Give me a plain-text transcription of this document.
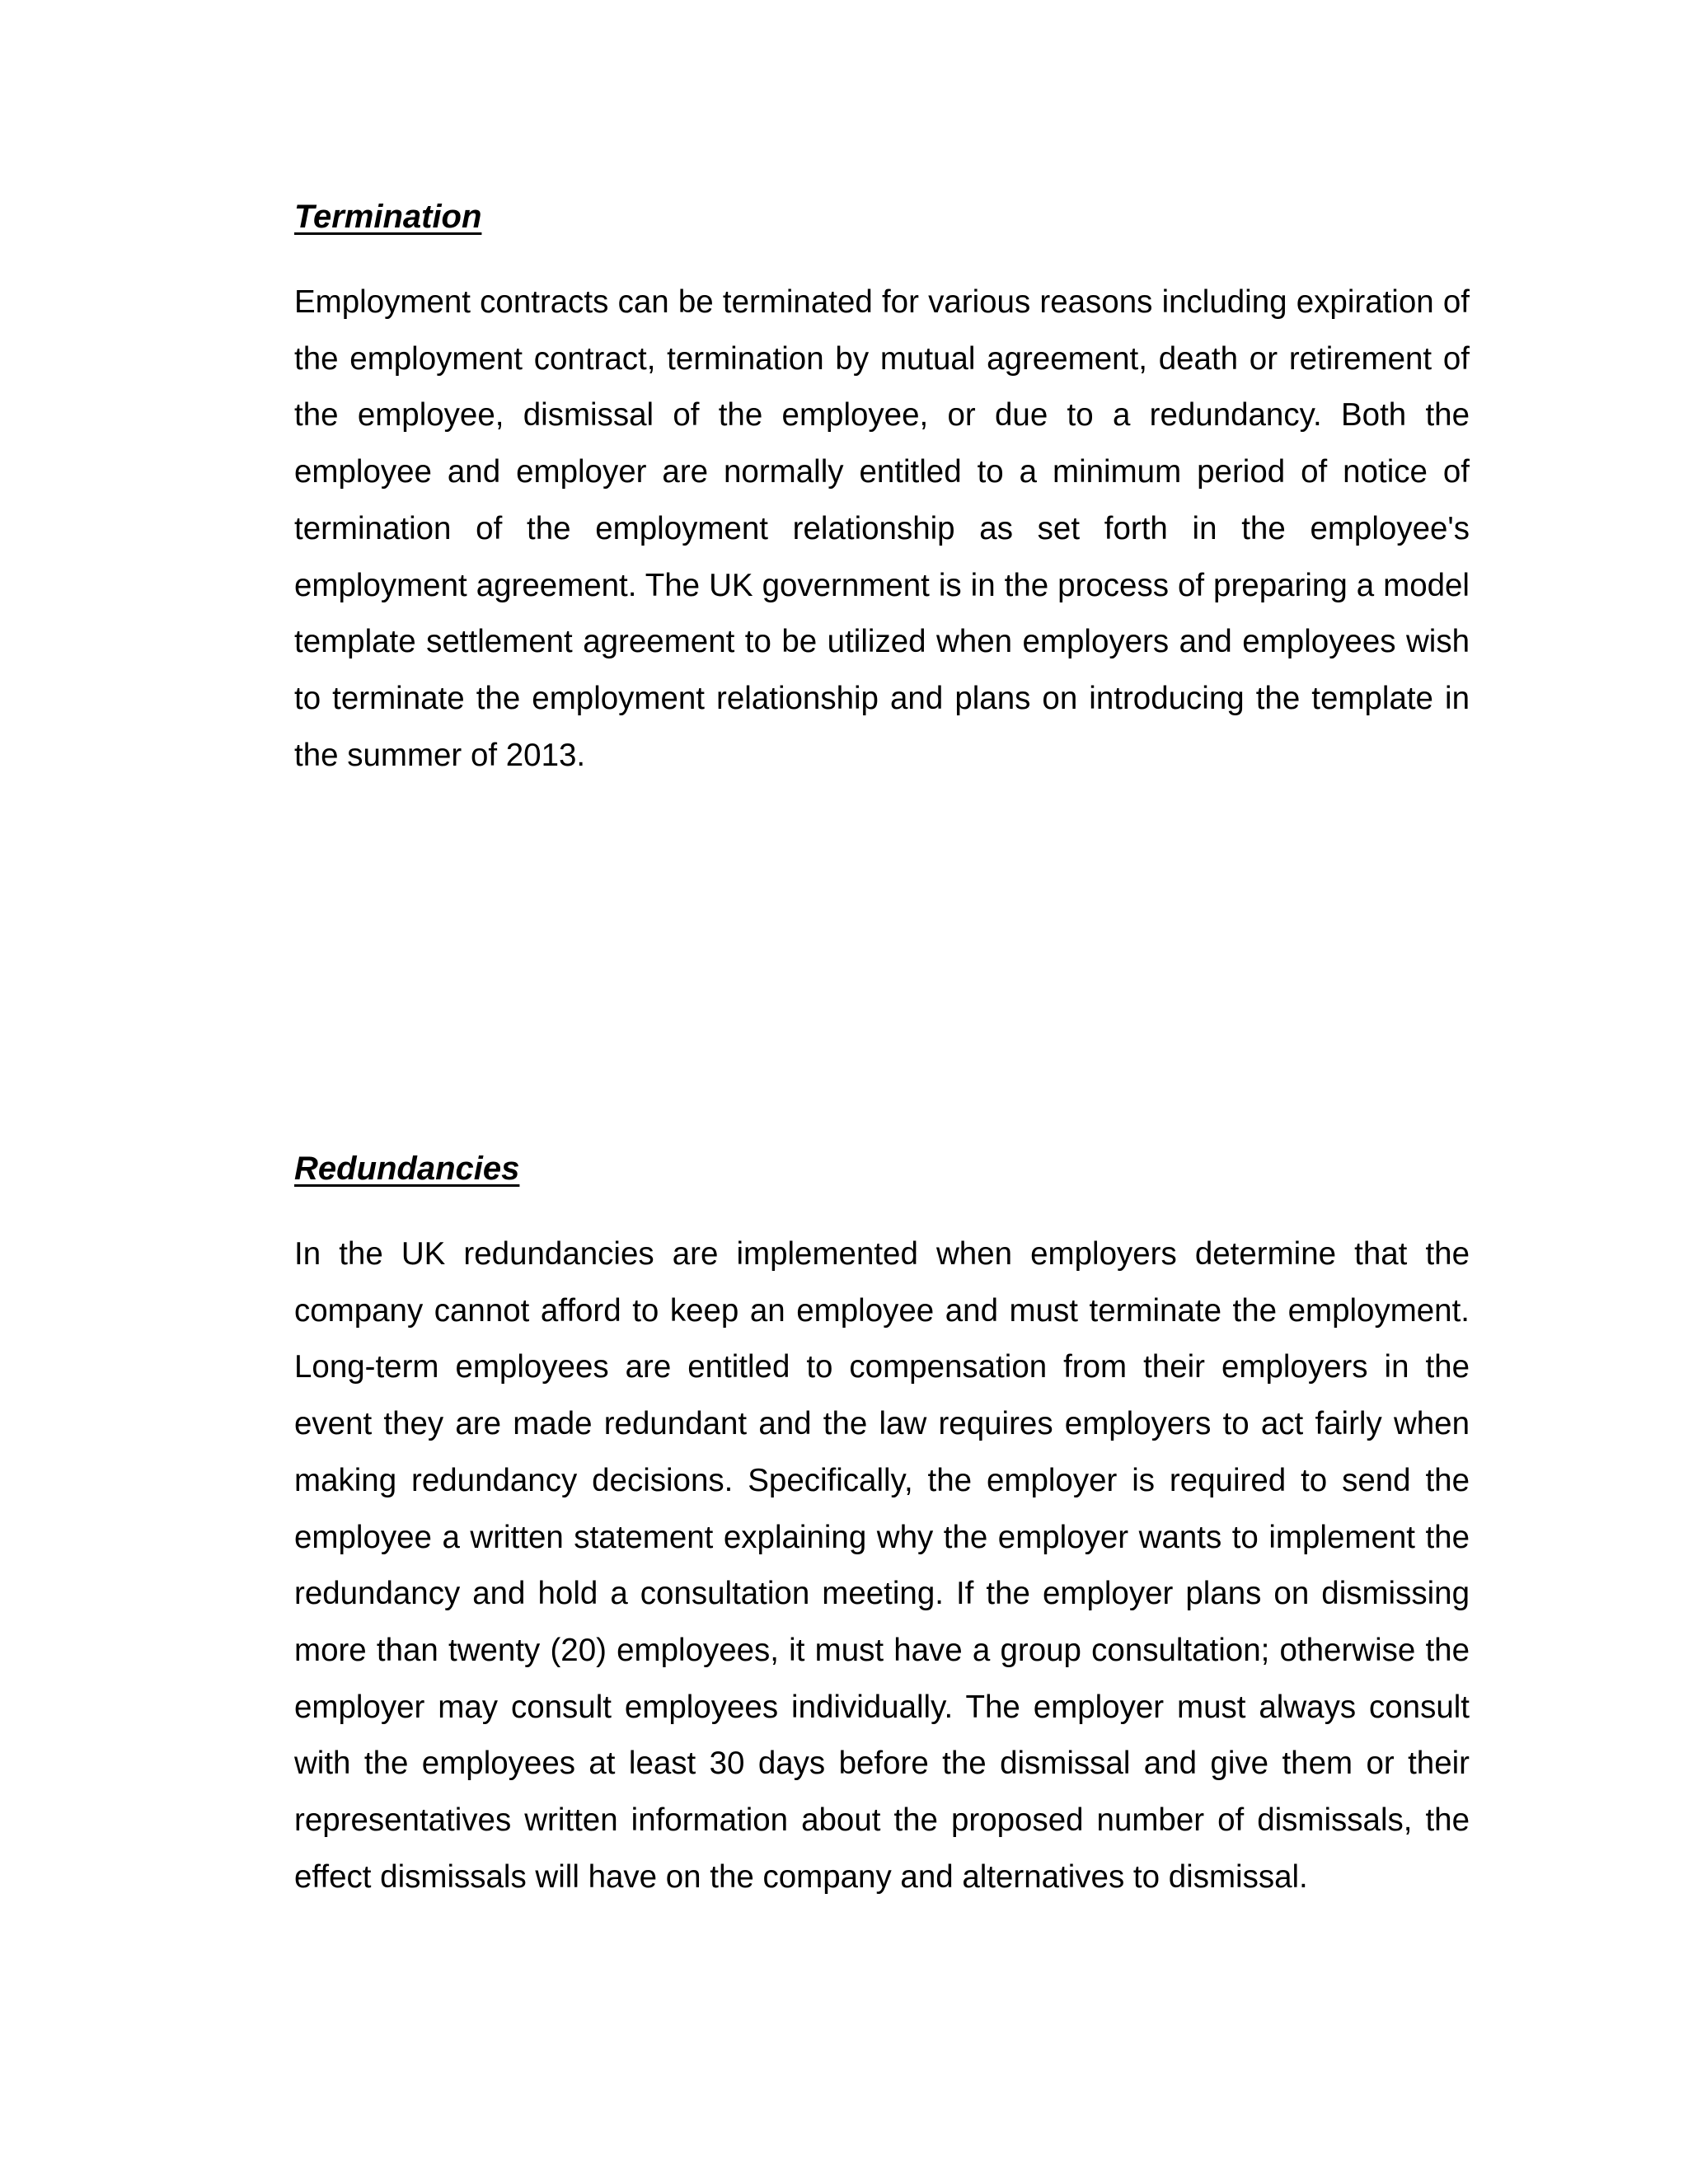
Termination

Employment contracts can be terminated for various reasons including expiration of the employment contract, termination by mutual agreement, death or retirement of the employee, dismissal of the employee, or due to a redundancy. Both the employee and employer are normally entitled to a minimum period of notice of termination of the employment relationship as set forth in the employee's employment agreement. The UK government is in the process of preparing a model template settlement agreement to be utilized when employers and employees wish to terminate the employment relationship and plans on introducing the template in the summer of 2013.

Redundancies

In the UK redundancies are implemented when employers determine that the company cannot afford to keep an employee and must terminate the employment. Long-term employees are entitled to compensation from their employers in the event they are made redundant and the law requires employers to act fairly when making redundancy decisions. Specifically, the employer is required to send the employee a written statement explaining why the employer wants to implement the redundancy and hold a consultation meeting. If the employer plans on dismissing more than twenty (20) employees, it must have a group consultation; otherwise the employer may consult employees individually. The employer must always consult with the employees at least 30 days before the dismissal and give them or their representatives written information about the proposed number of dismissals, the effect dismissals will have on the company and alternatives to dismissal.
